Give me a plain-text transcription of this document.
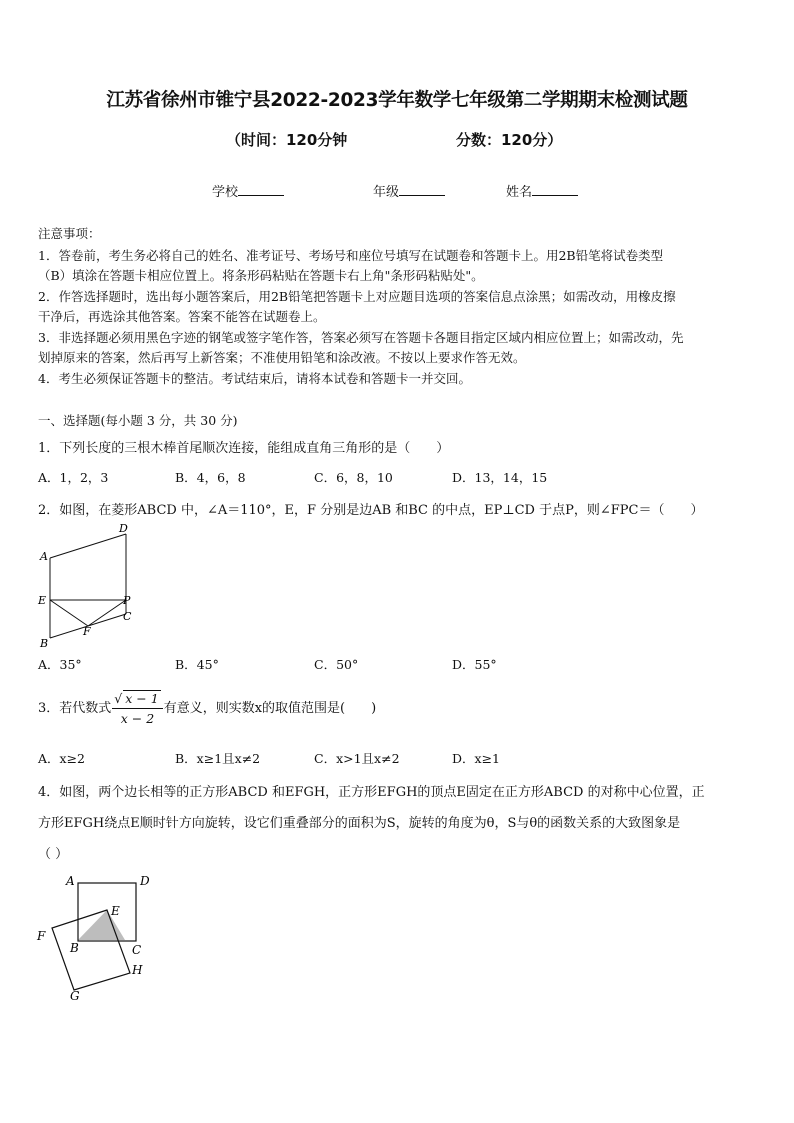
江苏省徐州市锥宁县2022-2023学年数学七年级第二学期期末检测试题
（时间：120分钟	分数：120分）
学校	年级	姓名
注意事项：
1．答卷前，考生务必将自己的姓名、准考证号、考场号和座位号填写在试题卷和答题卡上。用2B铅笔将试卷类型
（B）填涂在答题卡相应位置上。将条形码粘贴在答题卡右上角"条形码粘贴处"。
2．作答选择题时，选出每小题答案后，用2B铅笔把答题卡上对应题目选项的答案信息点涂黑；如需改动，用橡皮擦
干净后，再选涂其他答案。答案不能答在试题卷上。
3．非选择题必须用黑色字迹的钢笔或签字笔作答，答案必须写在答题卡各题目指定区域内相应位置上；如需改动，先
划掉原来的答案，然后再写上新答案；不准使用铅笔和涂改液。不按以上要求作答无效。
4．考生必须保证答题卡的整洁。考试结束后，请将本试卷和答题卡一并交回。
一、选择题(每小题 3 分，共 30 分)
1．下列长度的三根木棒首尾顺次连接，能组成直角三角形的是（　　）
A．1，2，3	B．4，6，8	C．6，8，10	D．13，14，15
2．如图，在菱形ABCD 中，∠A＝110°，E，F 分别是边AB 和BC 的中点，EP⊥CD 于点P，则∠FPC＝（　　）
D
A
E	P
C
F
B
A．35°	B．45°	C．50°	D．55°
3．若代数式 $\frac{√ x - 1}{x - 2}$ 有意义，则实数x的取值范围是(　　)
A．x≥2	B．x≥1且x≠2	C．x>1且x≠2	D．x≥1
4．如图，两个边长相等的正方形ABCD 和EFGH，正方形EFGH的顶点E固定在正方形ABCD 的对称中心位置，正
方形EFGH绕点E顺时针方向旋转，设它们重叠部分的面积为S，旋转的角度为θ，S与θ的函数关系的大致图象是
（ ）
A	D
E
F
B	C
H
G
